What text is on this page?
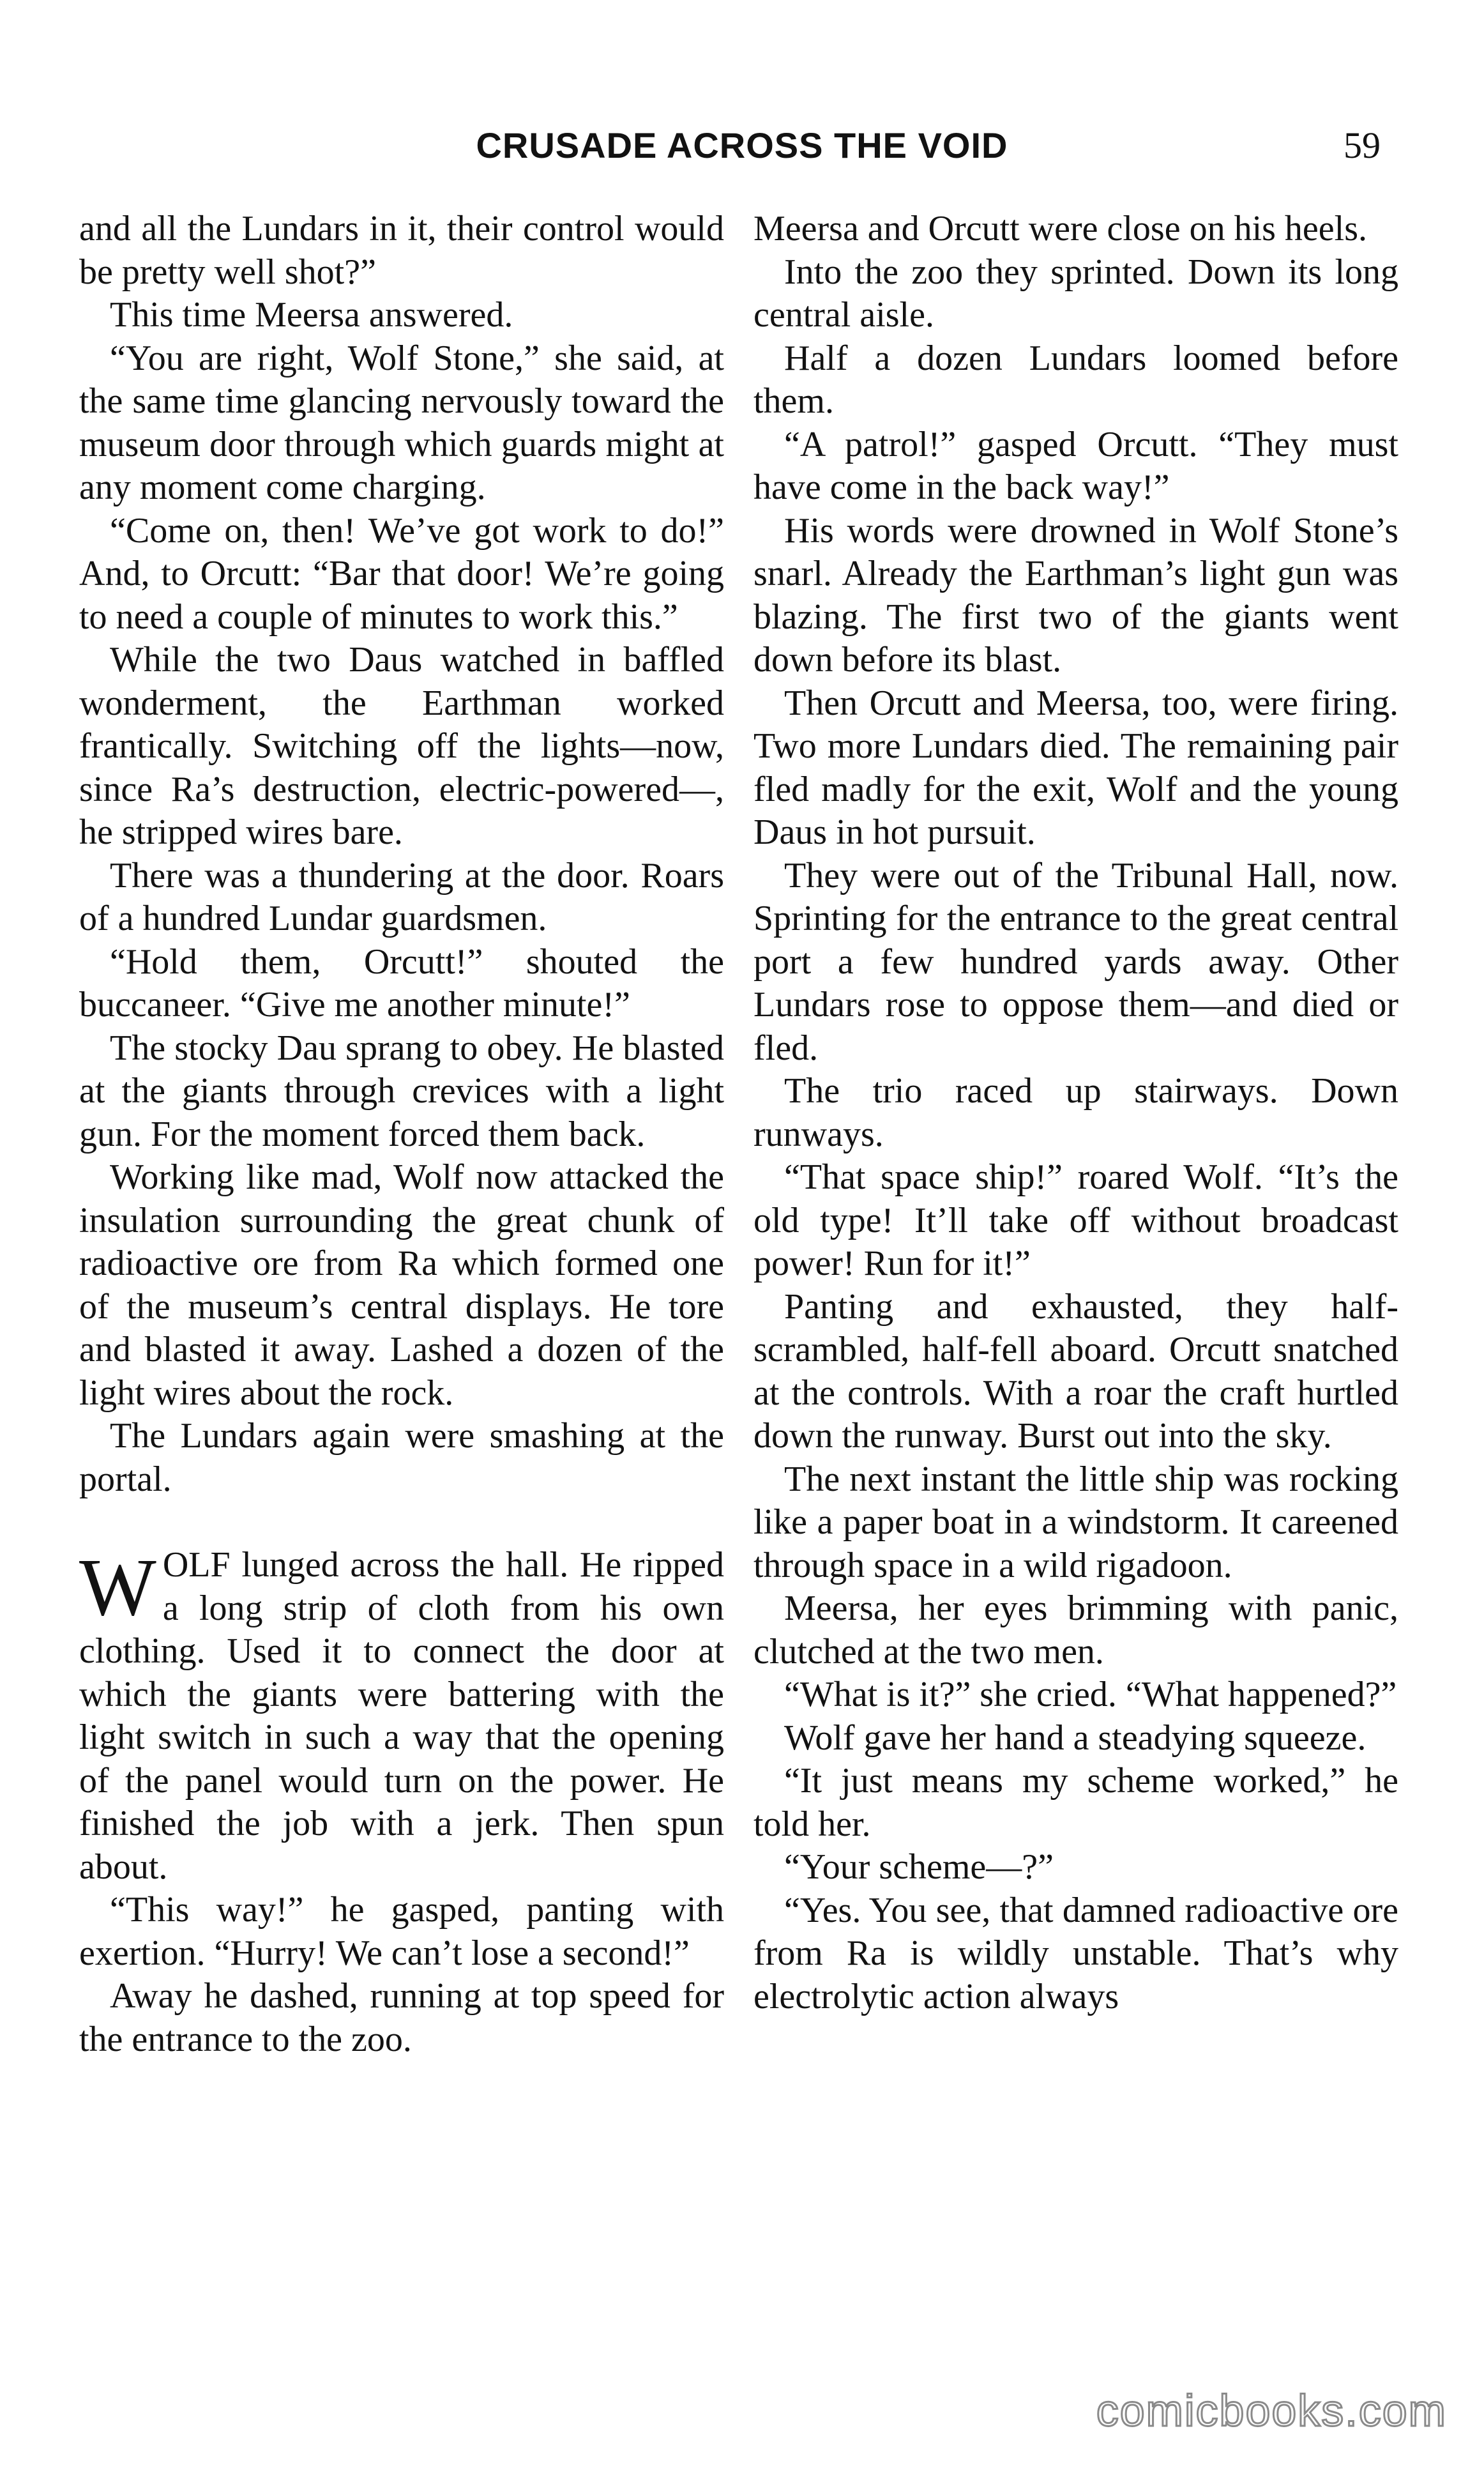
CRUSADE ACROSS THE VOID	59

and all the Lundars in it, their control would be pretty well shot?”

This time Meersa answered.

“You are right, Wolf Stone,” she said, at the same time glancing nervously toward the museum door through which guards might at any moment come charging.

“Come on, then! We’ve got work to do!” And, to Orcutt: “Bar that door! We’re going to need a couple of minutes to work this.”

While the two Daus watched in baffled wonderment, the Earthman worked frantically. Switching off the lights—now, since Ra’s destruction, electric-powered—, he stripped wires bare.

There was a thundering at the door. Roars of a hundred Lundar guardsmen.

“Hold them, Orcutt!” shouted the buccaneer. “Give me another minute!”

The stocky Dau sprang to obey. He blasted at the giants through crevices with a light gun. For the moment forced them back.

Working like mad, Wolf now attacked the insulation surrounding the great chunk of radioactive ore from Ra which formed one of the museum’s central displays. He tore and blasted it away. Lashed a dozen of the light wires about the rock.

The Lundars again were smashing at the portal.

WOLF lunged across the hall. He ripped a long strip of cloth from his own clothing. Used it to connect the door at which the giants were battering with the light switch in such a way that the opening of the panel would turn on the power. He finished the job with a jerk. Then spun about.

“This way!” he gasped, panting with exertion. “Hurry! We can’t lose a second!”

Away he dashed, running at top speed for the entrance to the zoo.

Meersa and Orcutt were close on his heels.

Into the zoo they sprinted. Down its long central aisle.

Half a dozen Lundars loomed before them.

“A patrol!” gasped Orcutt. “They must have come in the back way!”

His words were drowned in Wolf Stone’s snarl. Already the Earthman’s light gun was blazing. The first two of the giants went down before its blast.

Then Orcutt and Meersa, too, were firing. Two more Lundars died. The remaining pair fled madly for the exit, Wolf and the young Daus in hot pursuit.

They were out of the Tribunal Hall, now. Sprinting for the entrance to the great central port a few hundred yards away. Other Lundars rose to oppose them—and died or fled.

The trio raced up stairways. Down runways.

“That space ship!” roared Wolf. “It’s the old type! It’ll take off without broadcast power! Run for it!”

Panting and exhausted, they half-scrambled, half-fell aboard. Orcutt snatched at the controls. With a roar the craft hurtled down the runway. Burst out into the sky.

The next instant the little ship was rocking like a paper boat in a windstorm. It careened through space in a wild rigadoon.

Meersa, her eyes brimming with panic, clutched at the two men.

“What is it?” she cried. “What happened?”

Wolf gave her hand a steadying squeeze.

“It just means my scheme worked,” he told her.

“Your scheme—?”

“Yes. You see, that damned radioactive ore from Ra is wildly unstable. That’s why electrolytic action always

comicbooks.com
